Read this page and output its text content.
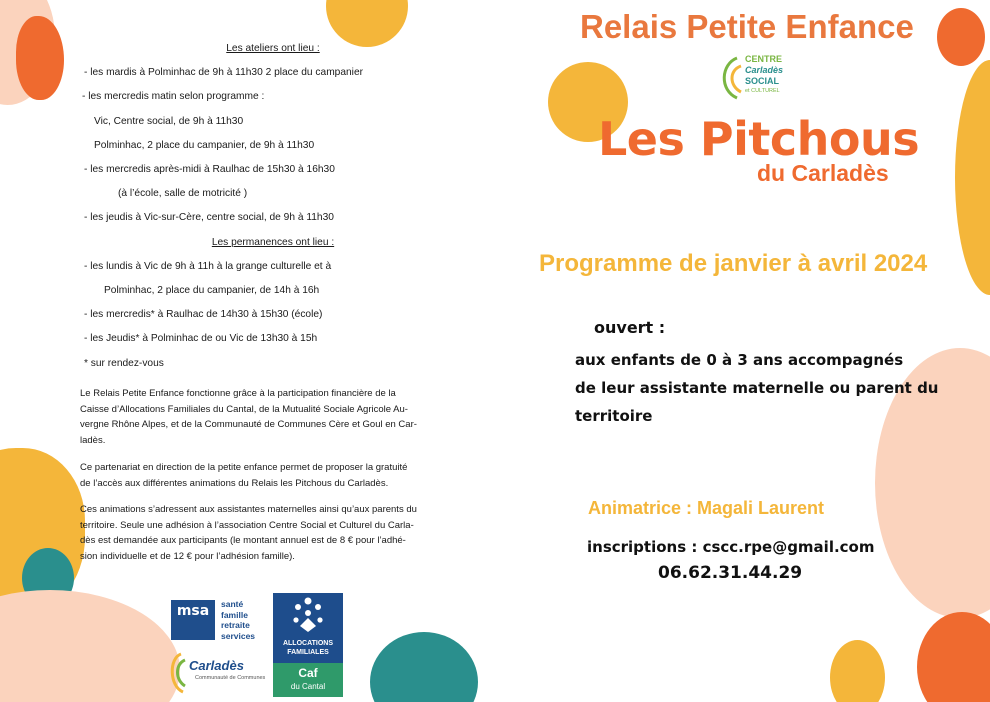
Les ateliers ont lieu :
- les mardis à Polminhac de 9h à 11h30 2 place du campanier
- les mercredis matin selon programme :
Vic, Centre social, de 9h à 11h30
Polminhac, 2 place du campanier, de 9h à 11h30
- les mercredis après-midi à Raulhac de 15h30 à 16h30
(à l’école, salle de motricité )
- les jeudis à Vic-sur-Cère, centre social, de 9h à 11h30
Les permanences ont lieu :
- les lundis à Vic de 9h à 11h à la grange culturelle et à
Polminhac, 2 place du campanier, de 14h à 16h
- les mercredis* à Raulhac de 14h30 à 15h30 (école)
- les Jeudis* à Polminhac de ou Vic de 13h30 à 15h
* sur rendez-vous
Le Relais Petite Enfance fonctionne grâce à la participation financière de la
Caisse d’Allocations Familiales du Cantal, de la Mutualité Sociale Agricole Au-
vergne Rhône Alpes, et de la Communauté de Communes Cère et Goul en Car-
ladès.
Ce partenariat en direction de la petite enfance permet de proposer la gratuité
de l’accès aux différentes animations du Relais les Pitchous du Carladès.
Ces animations s’adressent aux assistantes maternelles ainsi qu’aux parents du
territoire. Seule une adhésion à l’association Centre Social et Culturel du Carla-
dès est demandée aux participants (le montant annuel est de 8 € pour l’adhé-
sion individuelle et de 12 € pour l’adhésion famille).
msa	santé
famille
retraite
services
Carladès
Communauté de Communes
ALLOCATIONS
FAMILIALES
Caf
du Cantal
Relais Petite Enfance
CENTRE
Carladès
SOCIAL
et CULTUREL
Les Pitchous
du Carladès
Programme de janvier à avril 2024
ouvert :
aux enfants de 0 à 3 ans accompagnés
de leur assistante maternelle ou parent du
territoire
Animatrice : Magali Laurent
inscriptions : cscc.rpe@gmail.com
06.62.31.44.29
